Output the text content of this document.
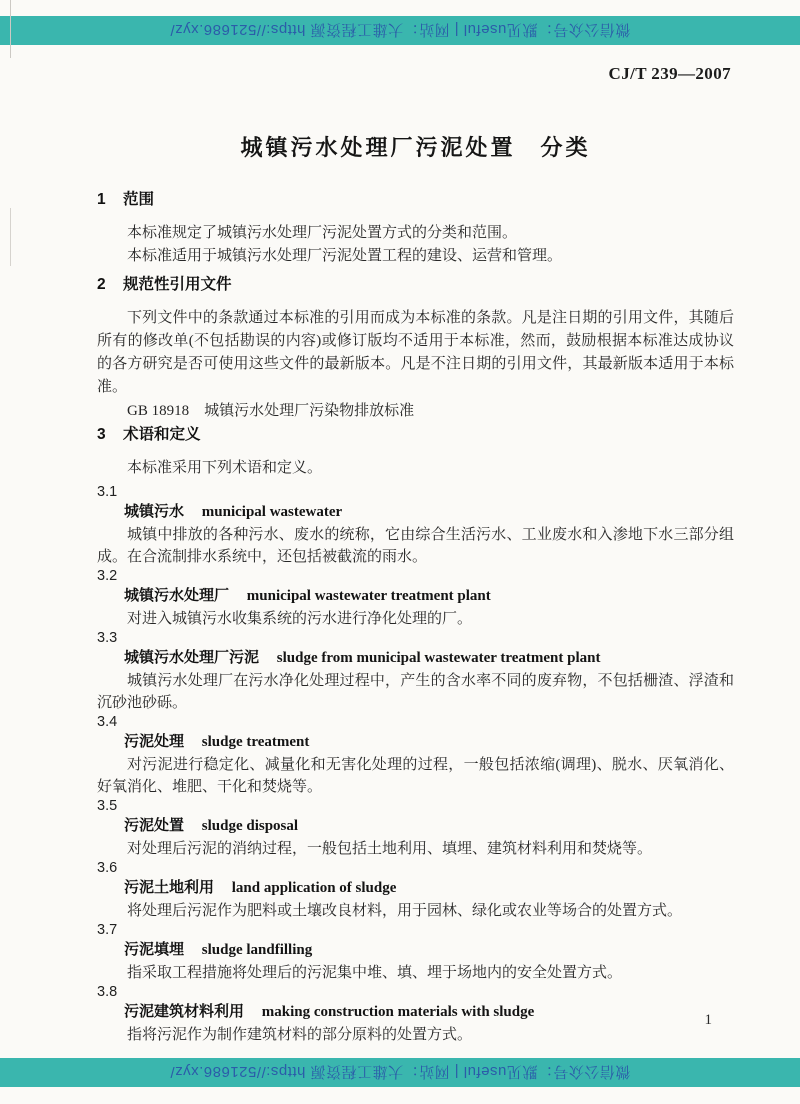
微信公众号：默见useful | 网站：大雄工程资源 https://521686.xyz/
CJ/T 239—2007
城镇污水处理厂污泥处置　分类
1 范围

本标准规定了城镇污水处理厂污泥处置方式的分类和范围。

本标准适用于城镇污水处理厂污泥处置工程的建设、运营和管理。

2 规范性引用文件

下列文件中的条款通过本标准的引用而成为本标准的条款。凡是注日期的引用文件，其随后所有的修改单(不包括勘误的内容)或修订版均不适用于本标准，然而，鼓励根据本标准达成协议的各方研究是否可使用这些文件的最新版本。凡是不注日期的引用文件，其最新版本适用于本标准。

GB 18918　城镇污水处理厂污染物排放标准

3 术语和定义

本标准采用下列术语和定义。

3.1

城镇污水 municipal wastewater

城镇中排放的各种污水、废水的统称，它由综合生活污水、工业废水和入渗地下水三部分组成。在合流制排水系统中，还包括被截流的雨水。

3.2

城镇污水处理厂 municipal wastewater treatment plant

对进入城镇污水收集系统的污水进行净化处理的厂。

3.3

城镇污水处理厂污泥 sludge from municipal wastewater treatment plant

城镇污水处理厂在污水净化处理过程中，产生的含水率不同的废弃物，不包括栅渣、浮渣和沉砂池砂砾。

3.4

污泥处理 sludge treatment

对污泥进行稳定化、减量化和无害化处理的过程，一般包括浓缩(调理)、脱水、厌氧消化、好氧消化、堆肥、干化和焚烧等。

3.5

污泥处置 sludge disposal

对处理后污泥的消纳过程，一般包括土地利用、填埋、建筑材料利用和焚烧等。

3.6

污泥土地利用 land application of sludge

将处理后污泥作为肥料或土壤改良材料，用于园林、绿化或农业等场合的处置方式。

3.7

污泥填埋 sludge landfilling

指采取工程措施将处理后的污泥集中堆、填、埋于场地内的安全处置方式。

3.8

污泥建筑材料利用 making construction materials with sludge

指将污泥作为制作建筑材料的部分原料的处置方式。

1
微信公众号：默见useful | 网站：大雄工程资源 https://521686.xyz/
